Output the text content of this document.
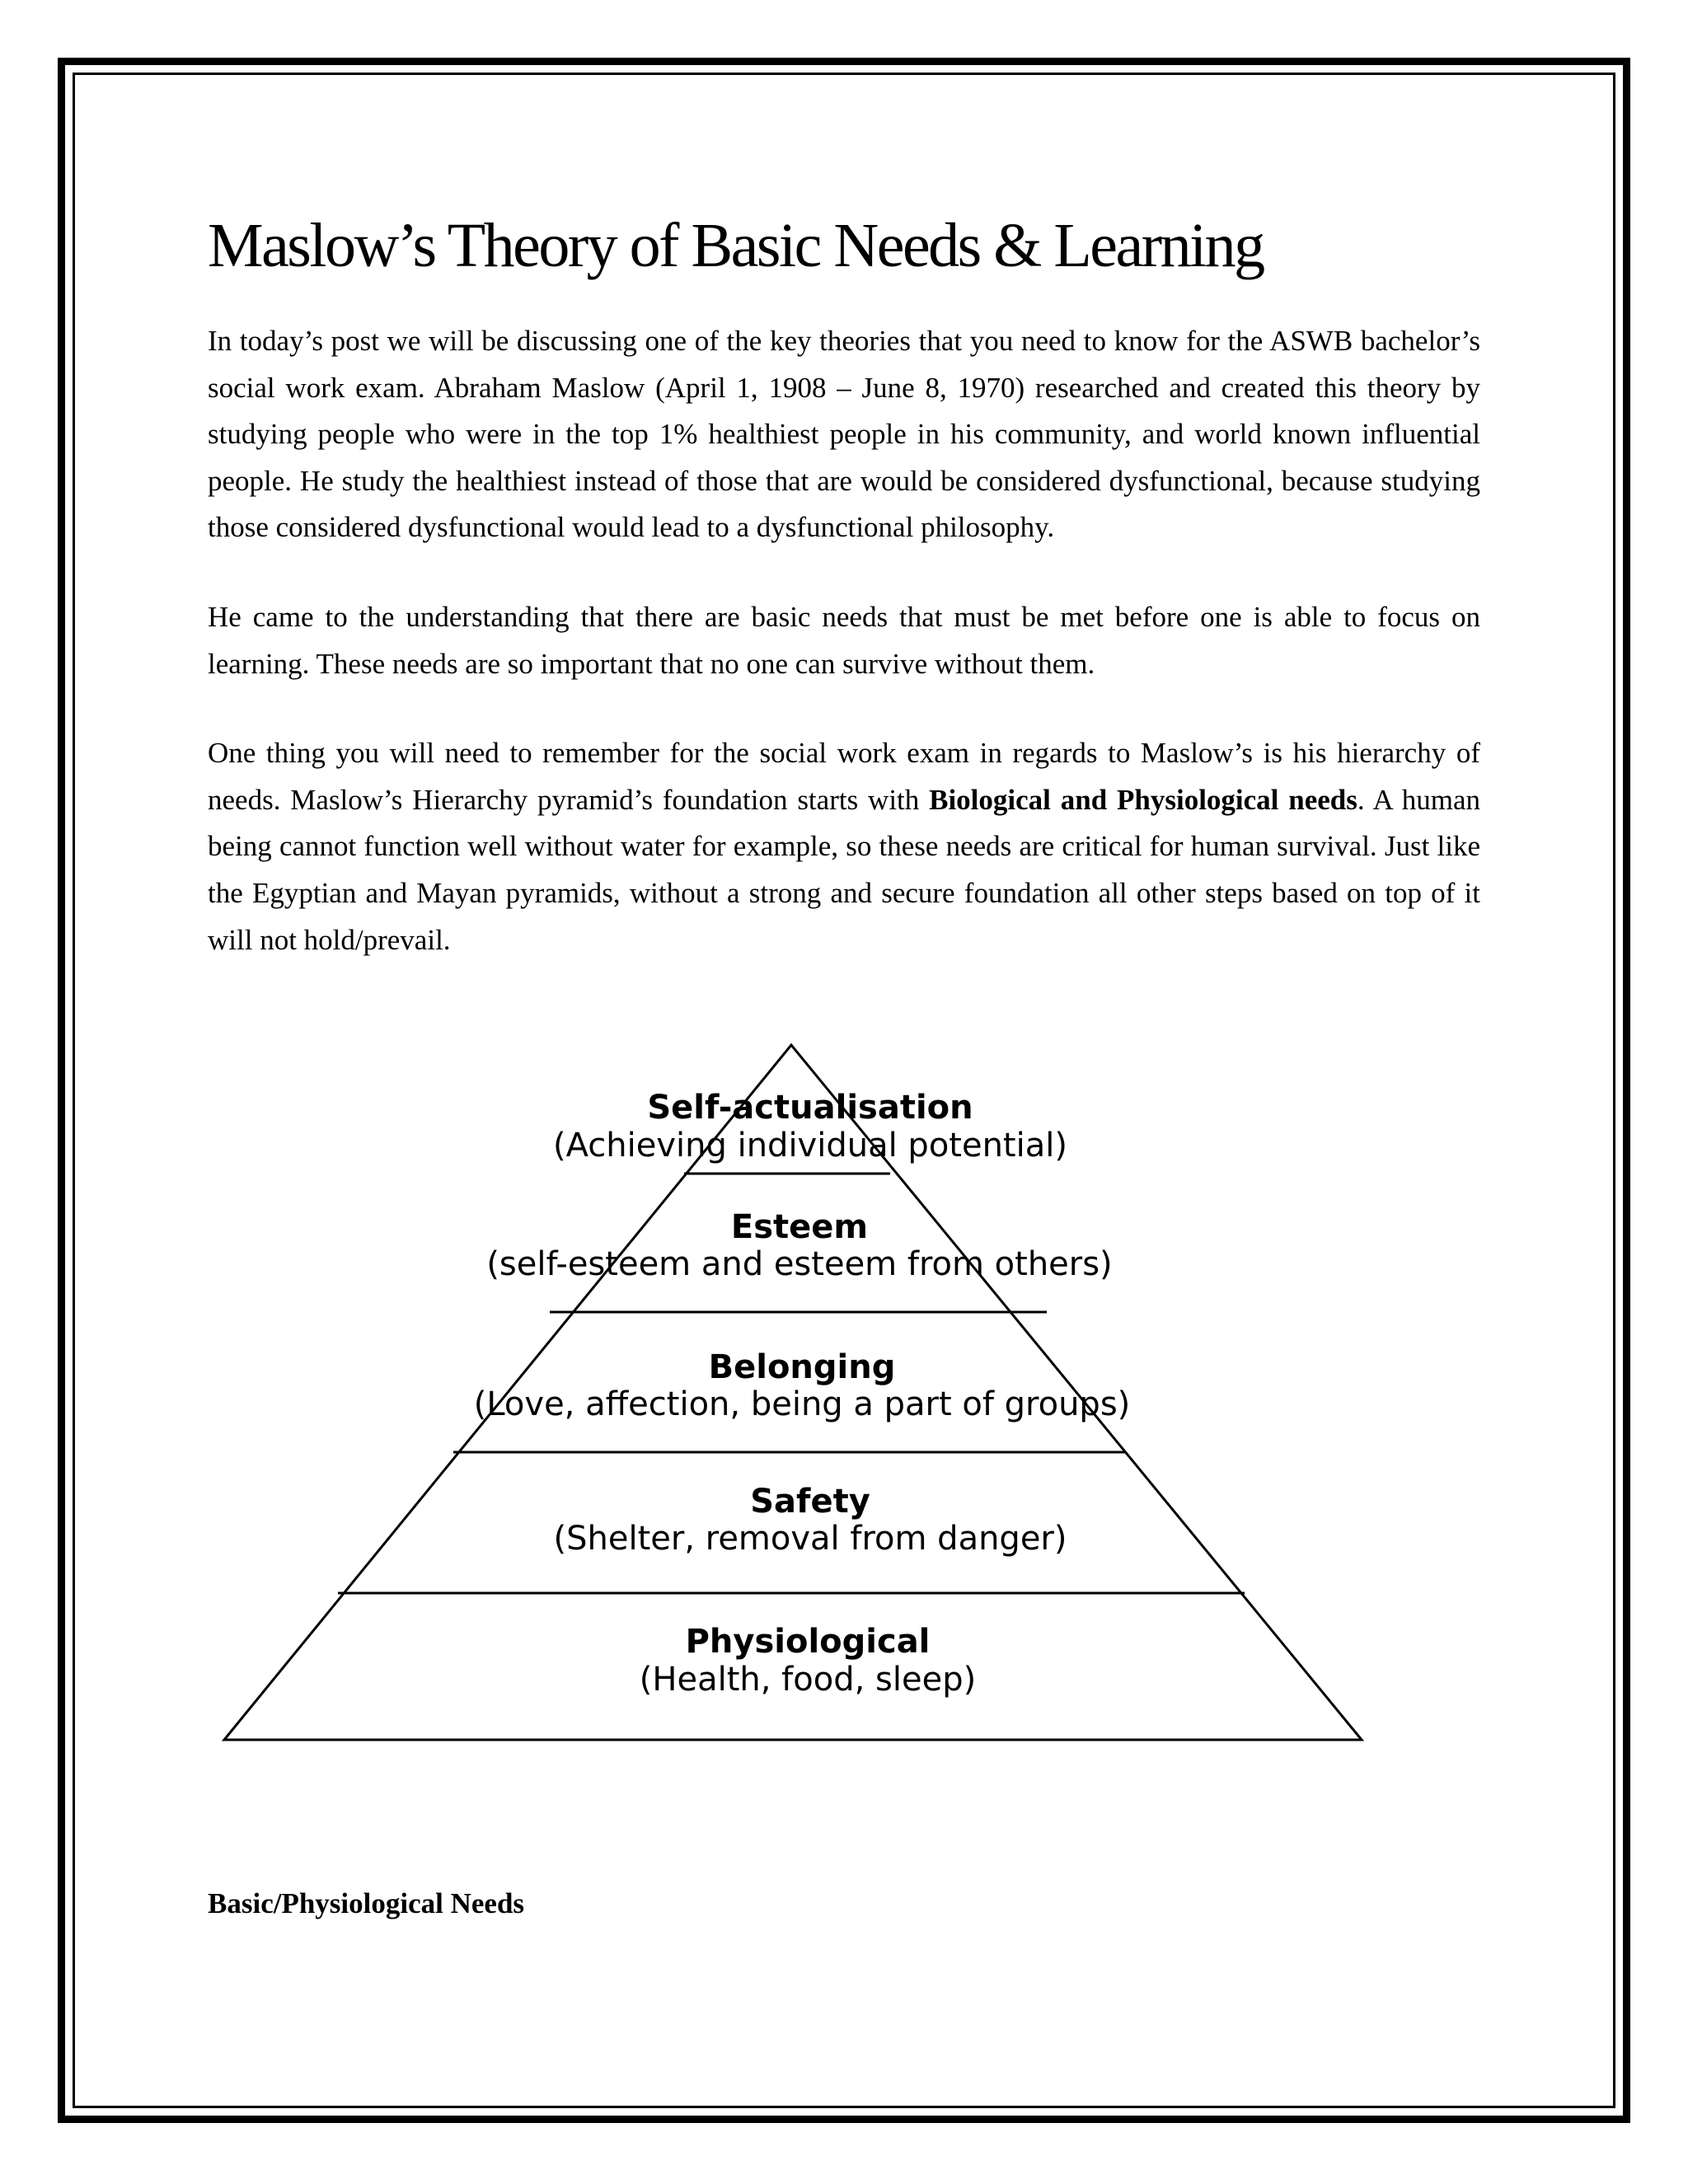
Maslow’s Theory of Basic Needs & Learning

In today’s post we will be discussing one of the key theories that you need to know for the ASWB bachelor’s social work exam. Abraham Maslow (April 1, 1908 – June 8, 1970) researched and created this theory by studying people who were in the top 1% healthiest people in his community, and world known influential people. He study the healthiest instead of those that are would be considered dysfunctional, because studying those considered dysfunctional would lead to a dysfunctional philosophy.

He came to the understanding that there are basic needs that must be met before one is able to focus on learning. These needs are so important that no one can survive without them.

One thing you will need to remember for the social work exam in regards to Maslow’s is his hierarchy of needs. Maslow’s Hierarchy pyramid’s foundation starts with Biological and Physiological needs. A human being cannot function well without water for example, so these needs are critical for human survival. Just like the Egyptian and Mayan pyramids, without a strong and secure foundation all other steps based on top of it will not hold/prevail.

Self-actualisation
(Achieving individual potential)
Esteem
(self-esteem and esteem from others)
Belonging
(Love, affection, being a part of groups)
Safety
(Shelter, removal from danger)
Physiological
(Health, food, sleep)

Basic/Physiological Needs
